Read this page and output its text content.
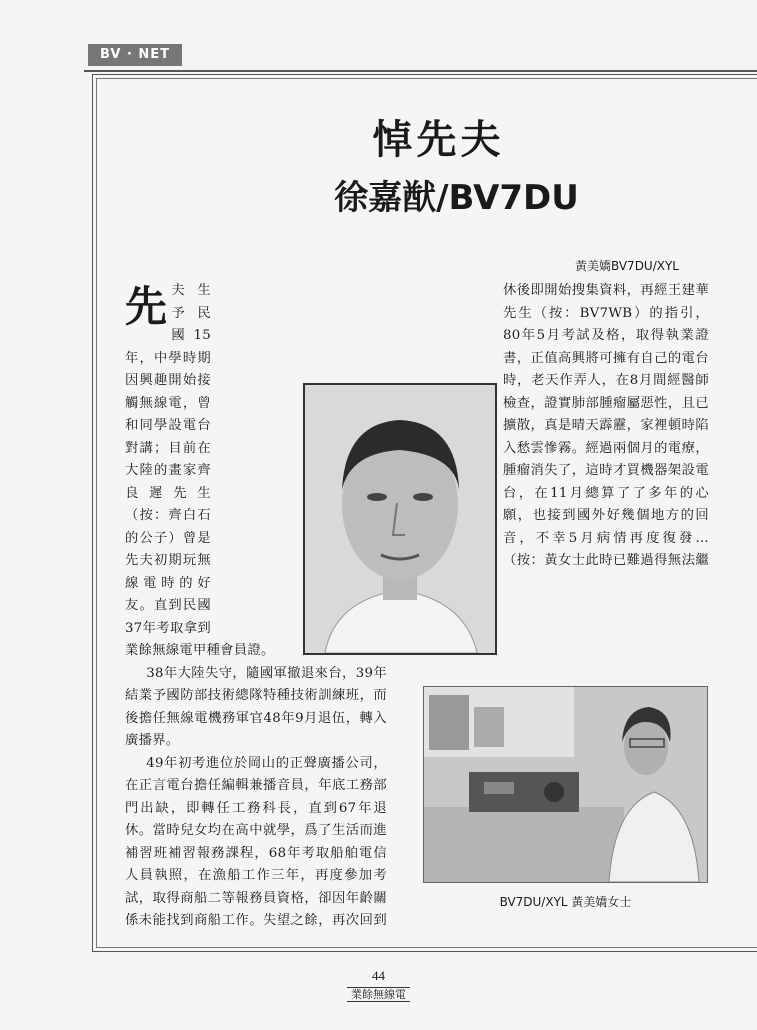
BV · NET
悼先夫
徐嘉猷/BV7DU
黃美嬌BV7DU/XYL

先夫生予民國15年，中學時期因興趣開始接觸無線電，曾和同學設電台對講；目前在大陸的畫家齊良遲先生（按：齊白石的公子）曾是先夫初期玩無線電時的好友。直到民國37年考取拿到業餘無線電甲種會員證。

38年大陸失守，隨國軍撤退來台，39年結業予國防部技術總隊特種技術訓練班，而後擔任無線電機務軍官48年9月退伍，轉入廣播界。

49年初考進位於岡山的正聲廣播公司，在正言電台擔任編輯兼播音員，年底工務部門出缺，即轉任工務科長，直到67年退休。當時兒女均在高中就學，爲了生活而進補習班補習報務課程，68年考取船舶電信人員執照，在漁船工作三年，再度參加考試，取得商船二等報務員資格，卻因年齡關係未能找到商船工作。失望之餘，再次回到

休後即開始搜集資料，再經王建華先生（按：BV7WB）的指引，80年5月考試及格，取得執業證書，正值高興將可擁有自己的電台時，老天作弄人，在8月間經醫師檢查，證實肺部腫瘤屬惡性，且已擴散，真是晴天霹靂，家裡頓時陷入愁雲慘霧。經過兩個月的電療，腫瘤消失了，這時才買機器架設電台，在11月總算了了多年的心願，也接到國外好幾個地方的回音，不幸5月病情再度復發…（按：黃女士此時已難過得無法繼

BV7DU/XYL 黃美嬌女士
44
業餘無線電
